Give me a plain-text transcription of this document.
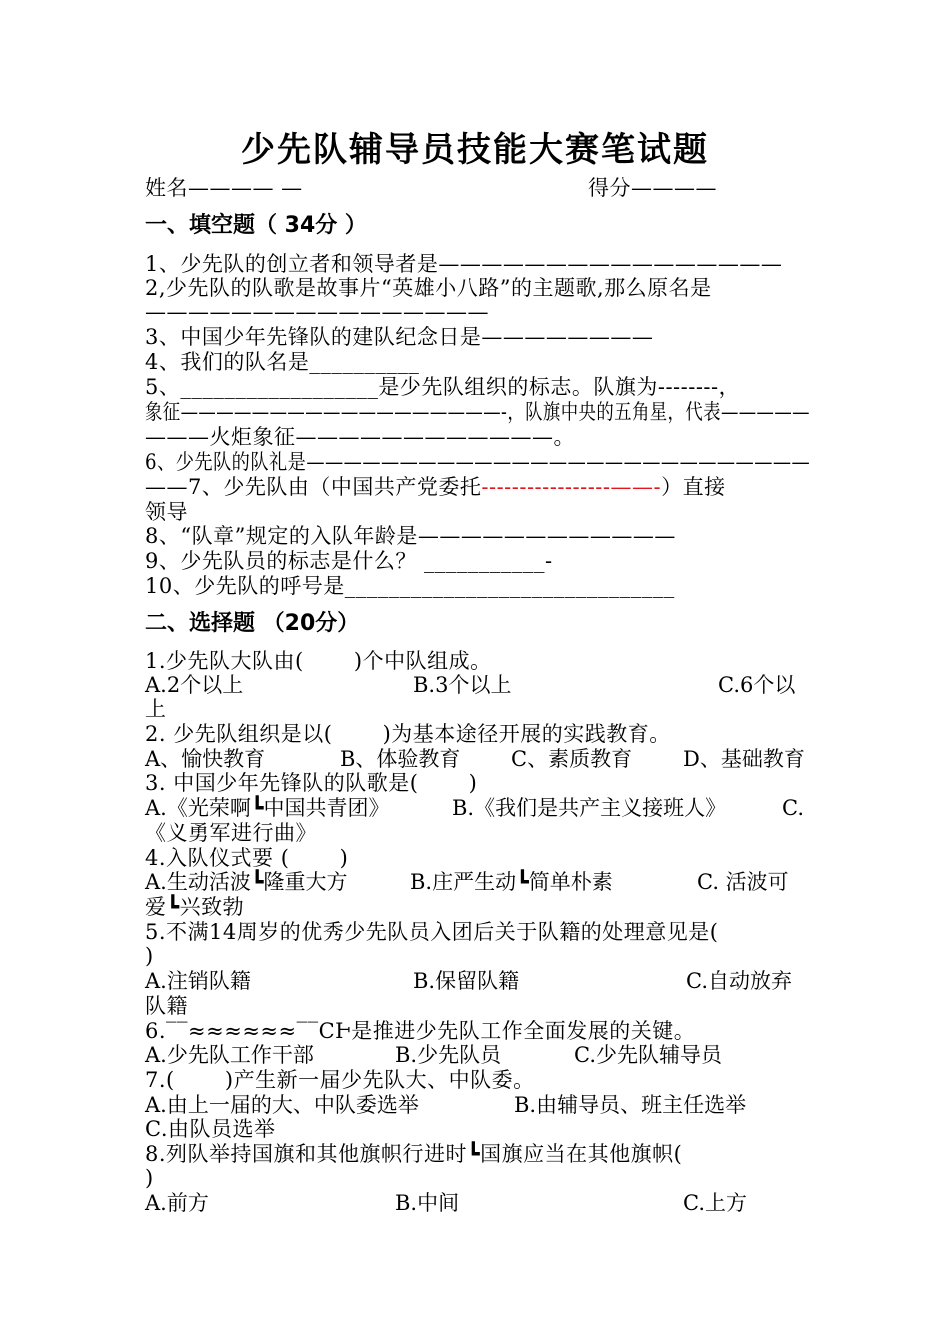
少先队辅导员技能大赛笔试题
姓名———— —	得分————
一、填空题（ 34分 ）
1、少先队的创立者和领导者是————————————————
2,少先队的队歌是故事片“英雄小八路”的主题歌,那么原名是
————————————————
3、中国少年先锋队的建队纪念日是————————
4、我们的队名是__________
5、__________________是少先队组织的标志。队旗为--------，
象征——————————————————-，队旗中央的五角星，代表—————
———火炬象征————————————。
6、少先队的队礼是———————————————————————————
——7、少先队由（中国共产党委托-----------------——-）直接
领导
8、“队章”规定的入队年龄是————————————
9、少先队员的标志是什么？ ___________-
10、少先队的呼号是______________________________
二、选择题 （20分）
1.少先队大队由(　　 )个中队组成。
A.2个以上	B.3个以上	C.6个以
上
2. 少先队组织是以(　　 )为基本途径开展的实践教育。
A、愉快教育	B、体验教育 C、素质教育 D、基础教育
3. 中国少年先锋队的队歌是(　　 )
A.《光荣啊┗中国共青团》	B.《我们是共产主义接班人》	C.
《义勇军进行曲》
4.入队仪式要 (　　 )
A.生动活波┗隆重大方	B.庄严生动┗简单朴素	C. 活波可
爱┗兴致勃
5.不满14周岁的优秀少先队员入团后关于队籍的处理意见是(
)
A.注销队籍	B.保留队籍	C.自动放弃
队籍
6.‾‾≈≈≈≈≈≈‾‾CͰ是推进少先队工作全面发展的关键。
A.少先队工作干部	B.少先队员	C.少先队辅导员
7.(　　 )产生新一届少先队大、中队委。
A.由上一届的大、中队委选举	B.由辅导员、班主任选举
C.由队员选举
8.列队举持国旗和其他旗帜行进时┗国旗应当在其他旗帜(
)
A.前方	B.中间	C.上方
